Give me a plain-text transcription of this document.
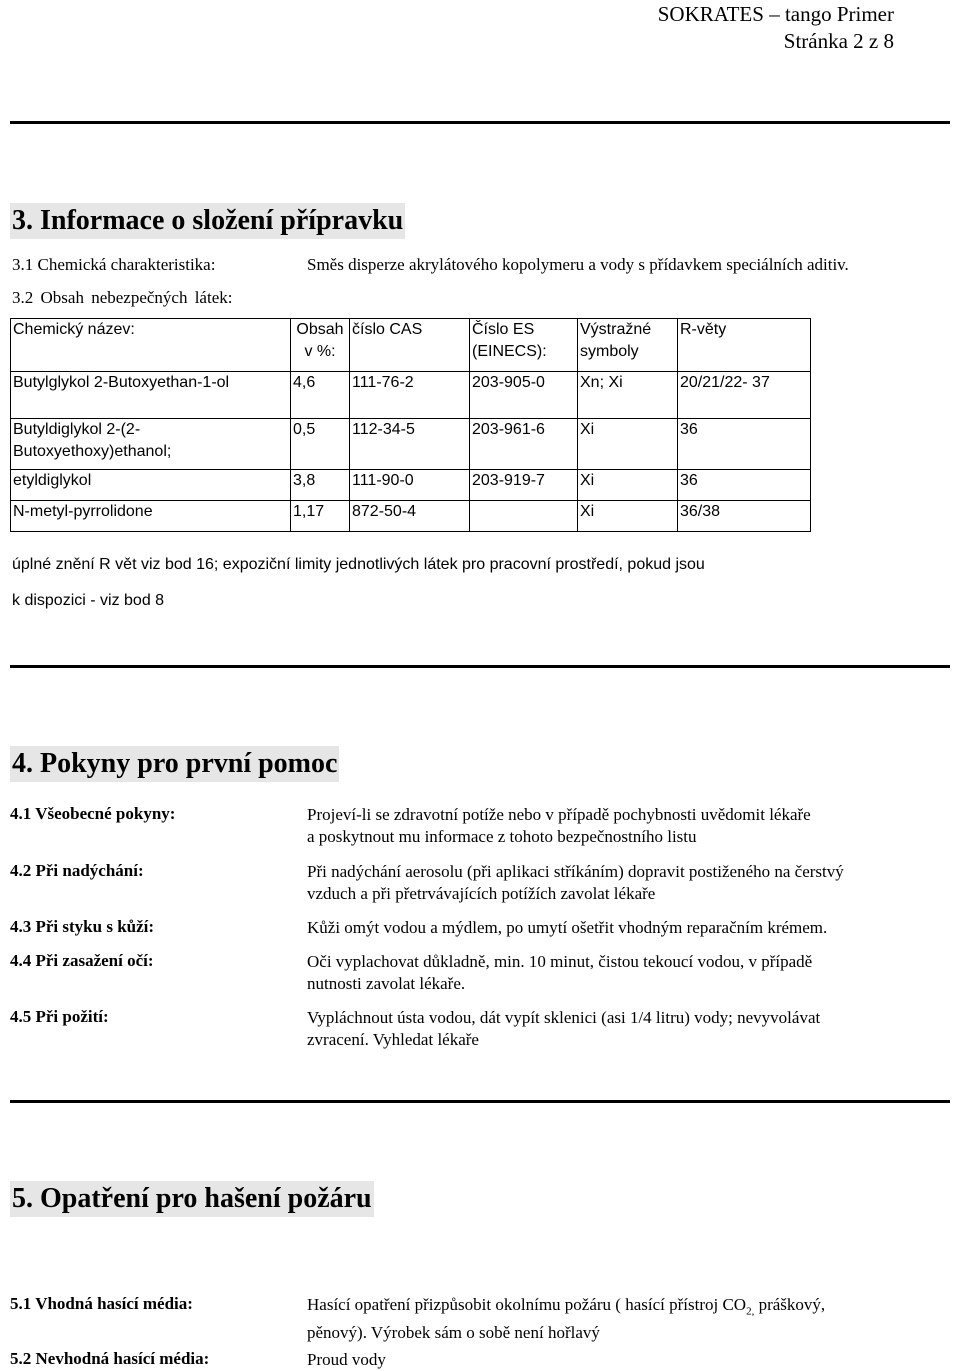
SOKRATES – tango Primer
Stránka 2 z 8
3. Informace o složení přípravku
3.1 Chemická charakteristika:	Směs disperze akrylátového kopolymeru a vody s přídavkem speciálních aditiv.
3.2 Obsah nebezpečných látek:
Chemický název:	Obsah v %:	číslo CAS	Číslo ES (EINECS):	Výstražné symboly	R-věty
Butylglykol 2-Butoxyethan-1-ol	4,6	111-76-2	203-905-0	Xn; Xi	20/21/22- 37
Butyldiglykol 2-(2-Butoxyethoxy)ethanol;	0,5	112-34-5	203-961-6	Xi	36
etyldiglykol	3,8	111-90-0	203-919-7	Xi	36
N-metyl-pyrrolidone	1,17	872-50-4		Xi	36/38
úplné znění R vět viz bod 16; expoziční limity jednotlivých látek pro pracovní prostředí, pokud jsou
k dispozici - viz bod 8
4. Pokyny pro první pomoc
4.1 Všeobecné pokyny:	Projeví-li se zdravotní potíže nebo v případě pochybnosti uvědomit lékaře
a poskytnout mu informace z tohoto bezpečnostního listu
4.2 Při nadýchání:	Při nadýchání aerosolu (při aplikaci stříkáním) dopravit postiženého na čerstvý
vzduch a při přetrvávajících potížích zavolat lékaře
4.3 Při styku s kůží:	Kůži omýt vodou a mýdlem, po umytí ošetřit vhodným reparačním krémem.
4.4 Při zasažení očí:	Oči vyplachovat důkladně, min. 10 minut, čistou tekoucí vodou, v případě
nutnosti zavolat lékaře.
4.5 Při požití:	Vypláchnout ústa vodou, dát vypít sklenici (asi 1/4 litru) vody; nevyvolávat
zvracení. Vyhledat lékaře
5. Opatření pro hašení požáru
5.1 Vhodná hasící média:	Hasící opatření přizpůsobit okolnímu požáru ( hasící přístroj $CO_{2,}$ práškový,
pěnový). Výrobek sám o sobě není hořlavý
5.2 Nevhodná hasící média:	Proud vody
